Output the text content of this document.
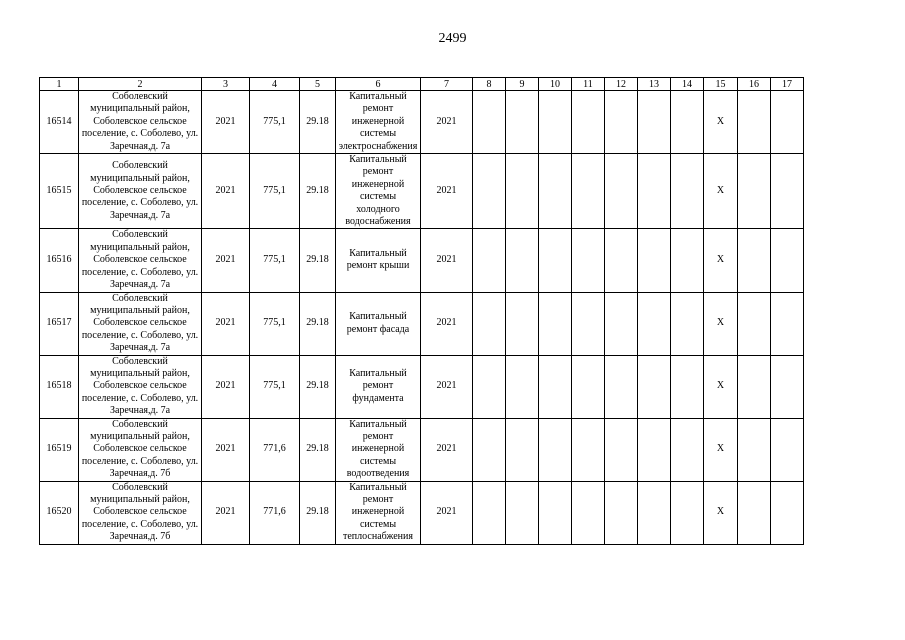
2499
1	2	3	4	5	6	7	8	9	10	11	12	13	14	15	16	17
16514	Соболевский муниципальный район, Соболевское сельское поселение, с. Соболево, ул. Заречная,д. 7а	2021	775,1	29.18	Капитальный ремонт инженерной системы электроснабжения	2021								Х		
16515	Соболевский муниципальный район, Соболевское сельское поселение, с. Соболево, ул. Заречная,д. 7а	2021	775,1	29.18	Капитальный ремонт инженерной системы холодного водоснабжения	2021								Х		
16516	Соболевский муниципальный район, Соболевское сельское поселение, с. Соболево, ул. Заречная,д. 7а	2021	775,1	29.18	Капитальный ремонт крыши	2021								Х		
16517	Соболевский муниципальный район, Соболевское сельское поселение, с. Соболево, ул. Заречная,д. 7а	2021	775,1	29.18	Капитальный ремонт фасада	2021								Х		
16518	Соболевский муниципальный район, Соболевское сельское поселение, с. Соболево, ул. Заречная,д. 7а	2021	775,1	29.18	Капитальный ремонт фундамента	2021								Х		
16519	Соболевский муниципальный район, Соболевское сельское поселение, с. Соболево, ул. Заречная,д. 7б	2021	771,6	29.18	Капитальный ремонт инженерной системы водоотведения	2021								Х		
16520	Соболевский муниципальный район, Соболевское сельское поселение, с. Соболево, ул. Заречная,д. 7б	2021	771,6	29.18	Капитальный ремонт инженерной системы теплоснабжения	2021								Х		
